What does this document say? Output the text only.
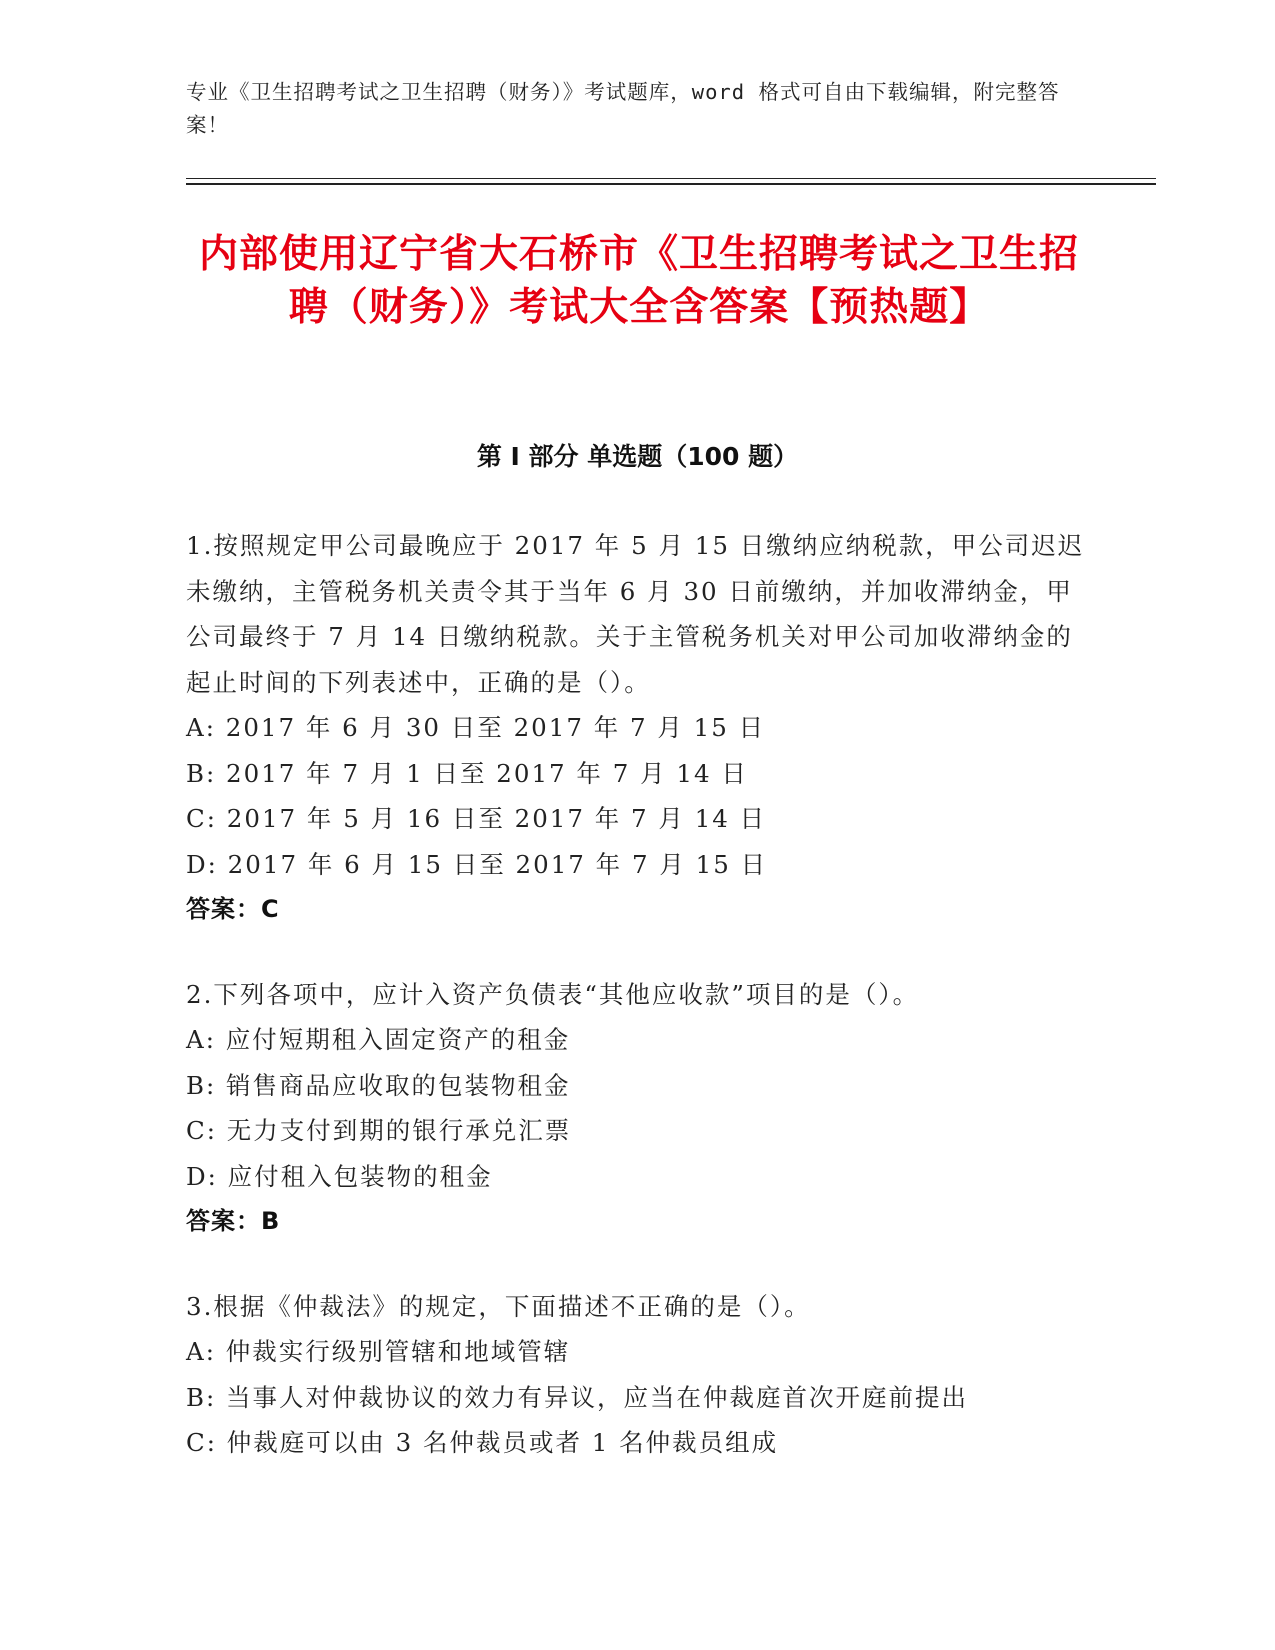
专业《卫生招聘考试之卫生招聘（财务）》考试题库，word 格式可自由下载编辑，附完整答案！
内部使用辽宁省大石桥市《卫生招聘考试之卫生招聘（财务）》考试大全含答案【预热题】
第 I 部分 单选题（100 题）

1.按照规定甲公司最晚应于 2017 年 5 月 15 日缴纳应纳税款，甲公司迟迟未缴纳，主管税务机关责令其于当年 6 月 30 日前缴纳，并加收滞纳金，甲公司最终于 7 月 14 日缴纳税款。关于主管税务机关对甲公司加收滞纳金的起止时间的下列表述中，正确的是（）。

A: 2017 年 6 月 30 日至 2017 年 7 月 15 日

B: 2017 年 7 月 1 日至 2017 年 7 月 14 日

C: 2017 年 5 月 16 日至 2017 年 7 月 14 日

D: 2017 年 6 月 15 日至 2017 年 7 月 15 日

答案：C

2.下列各项中，应计入资产负债表“其他应收款”项目的是（）。

A: 应付短期租入固定资产的租金

B: 销售商品应收取的包装物租金

C: 无力支付到期的银行承兑汇票

D: 应付租入包装物的租金

答案：B

3.根据《仲裁法》的规定，下面描述不正确的是（）。

A: 仲裁实行级别管辖和地域管辖

B: 当事人对仲裁协议的效力有异议，应当在仲裁庭首次开庭前提出

C: 仲裁庭可以由 3 名仲裁员或者 1 名仲裁员组成
